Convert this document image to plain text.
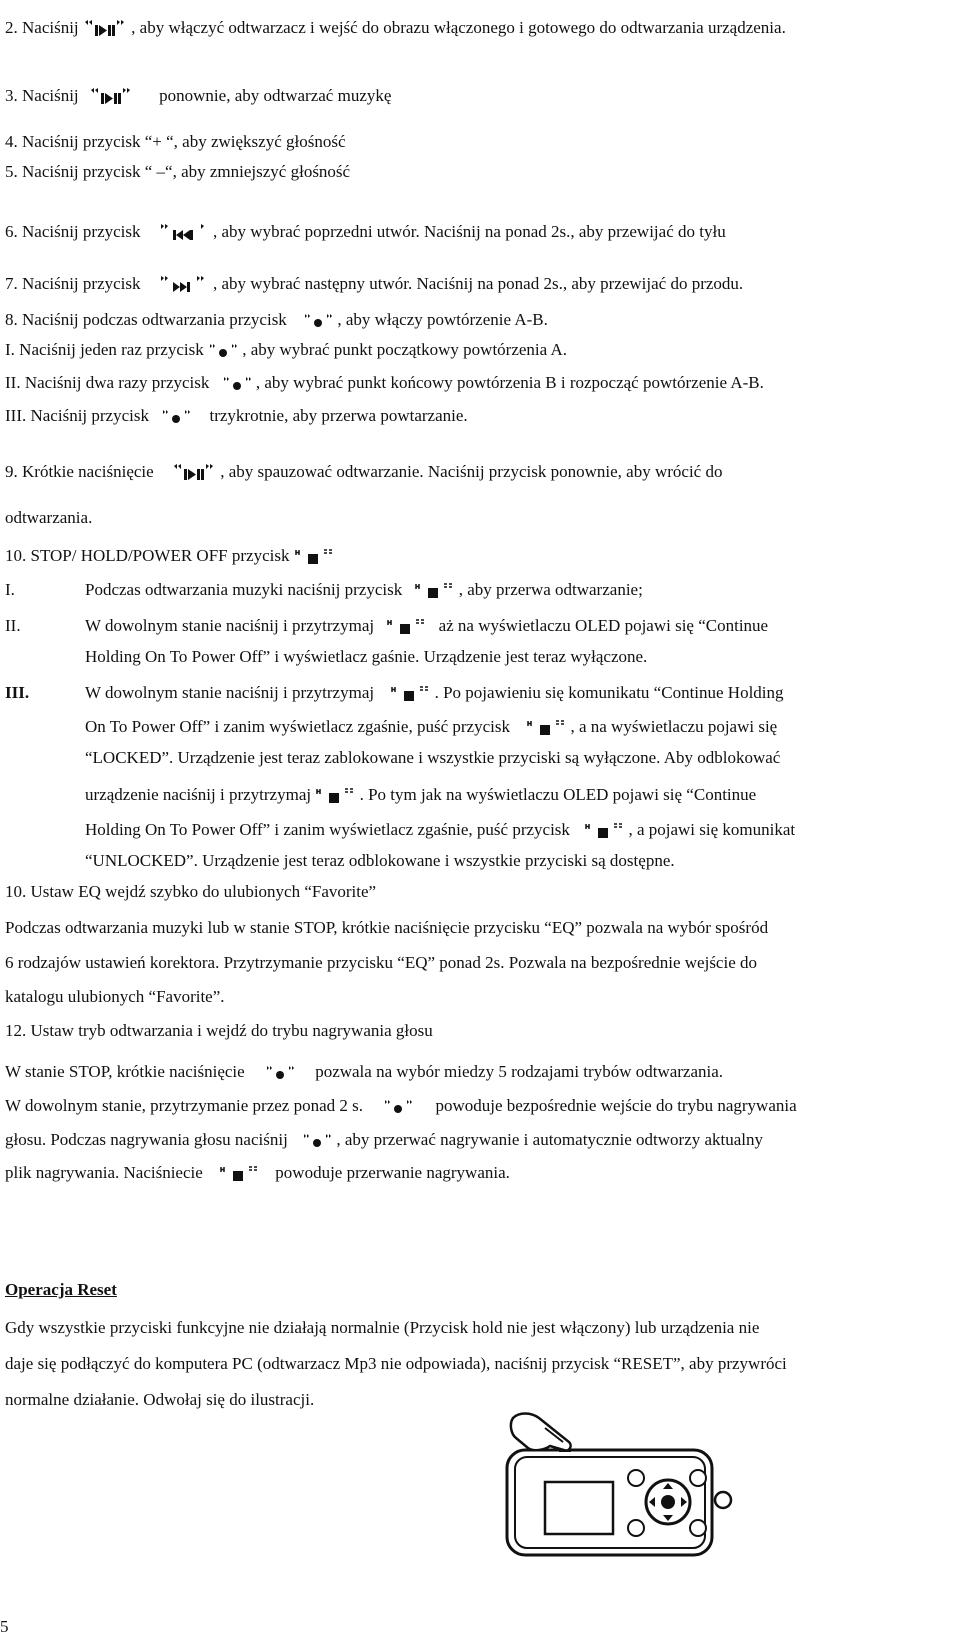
2. Naciśnij	, aby włączyć odtwarzacz i wejść do obrazu włączonego i gotowego do odtwarzania urządzenia.
3. Naciśnij	ponownie, aby odtwarzać muzykę
4. Naciśnij przycisk “+ “, aby zwiększyć głośność
5. Naciśnij przycisk “ –“, aby zmniejszyć głośność
6. Naciśnij przycisk	, aby wybrać poprzedni utwór. Naciśnij na ponad 2s., aby przewijać do tyłu
7. Naciśnij przycisk	, aby wybrać następny utwór. Naciśnij na ponad 2s., aby przewijać do przodu.
8. Naciśnij podczas odtwarzania przycisk	, aby włączy powtórzenie A-B.
I. Naciśnij jeden raz przycisk , aby wybrać punkt początkowy powtórzenia A.
II. Naciśnij dwa razy przycisk	, aby wybrać punkt końcowy powtórzenia B i rozpocząć powtórzenie A-B.
III. Naciśnij przycisk	trzykrotnie, aby przerwa powtarzanie.
9. Krótkie naciśnięcie	, aby spauzować odtwarzanie. Naciśnij przycisk ponownie, aby wrócić do
odtwarzania.
10. STOP/ HOLD/POWER OFF przycisk
I.	Podczas odtwarzania muzyki naciśnij przycisk	, aby przerwa odtwarzanie;
II.	W dowolnym stanie naciśnij i przytrzymaj	aż na wyświetlaczu OLED pojawi się “Continue
Holding On To Power Off” i wyświetlacz gaśnie. Urządzenie jest teraz wyłączone.
III.	W dowolnym stanie naciśnij i przytrzymaj	. Po pojawieniu się komunikatu “Continue Holding
On To Power Off” i zanim wyświetlacz zgaśnie, puść przycisk	, a na wyświetlaczu pojawi się
“LOCKED”. Urządzenie jest teraz zablokowane i wszystkie przyciski są wyłączone. Aby odblokować
urządzenie naciśnij i przytrzymaj	. Po tym jak na wyświetlaczu OLED pojawi się “Continue
Holding On To Power Off” i zanim wyświetlacz zgaśnie, puść przycisk	, a pojawi się komunikat
“UNLOCKED”. Urządzenie jest teraz odblokowane i wszystkie przyciski są dostępne.
10. Ustaw EQ wejdź szybko do ulubionych “Favorite”
Podczas odtwarzania muzyki lub w stanie STOP, krótkie naciśnięcie przycisku “EQ” pozwala na wybór spośród
6 rodzajów ustawień korektora. Przytrzymanie przycisku “EQ” ponad 2s. Pozwala na bezpośrednie wejście do
katalogu ulubionych “Favorite”.
12. Ustaw tryb odtwarzania i wejdź do trybu nagrywania głosu
W stanie STOP, krótkie naciśnięcie	pozwala na wybór miedzy 5 rodzajami trybów odtwarzania.
W dowolnym stanie, przytrzymanie przez ponad 2 s.	powoduje bezpośrednie wejście do trybu nagrywania
głosu. Podczas nagrywania głosu naciśnij	, aby przerwać nagrywanie i automatycznie odtworzy aktualny
plik nagrywania. Naciśniecie	powoduje przerwanie nagrywania.
Operacja Reset
Gdy wszystkie przyciski funkcyjne nie działają normalnie (Przycisk hold nie jest włączony) lub urządzenia nie
daje się podłączyć do komputera PC (odtwarzacz Mp3 nie odpowiada), naciśnij przycisk “RESET”, aby przywróci
normalne działanie. Odwołaj się do ilustracji.
5
